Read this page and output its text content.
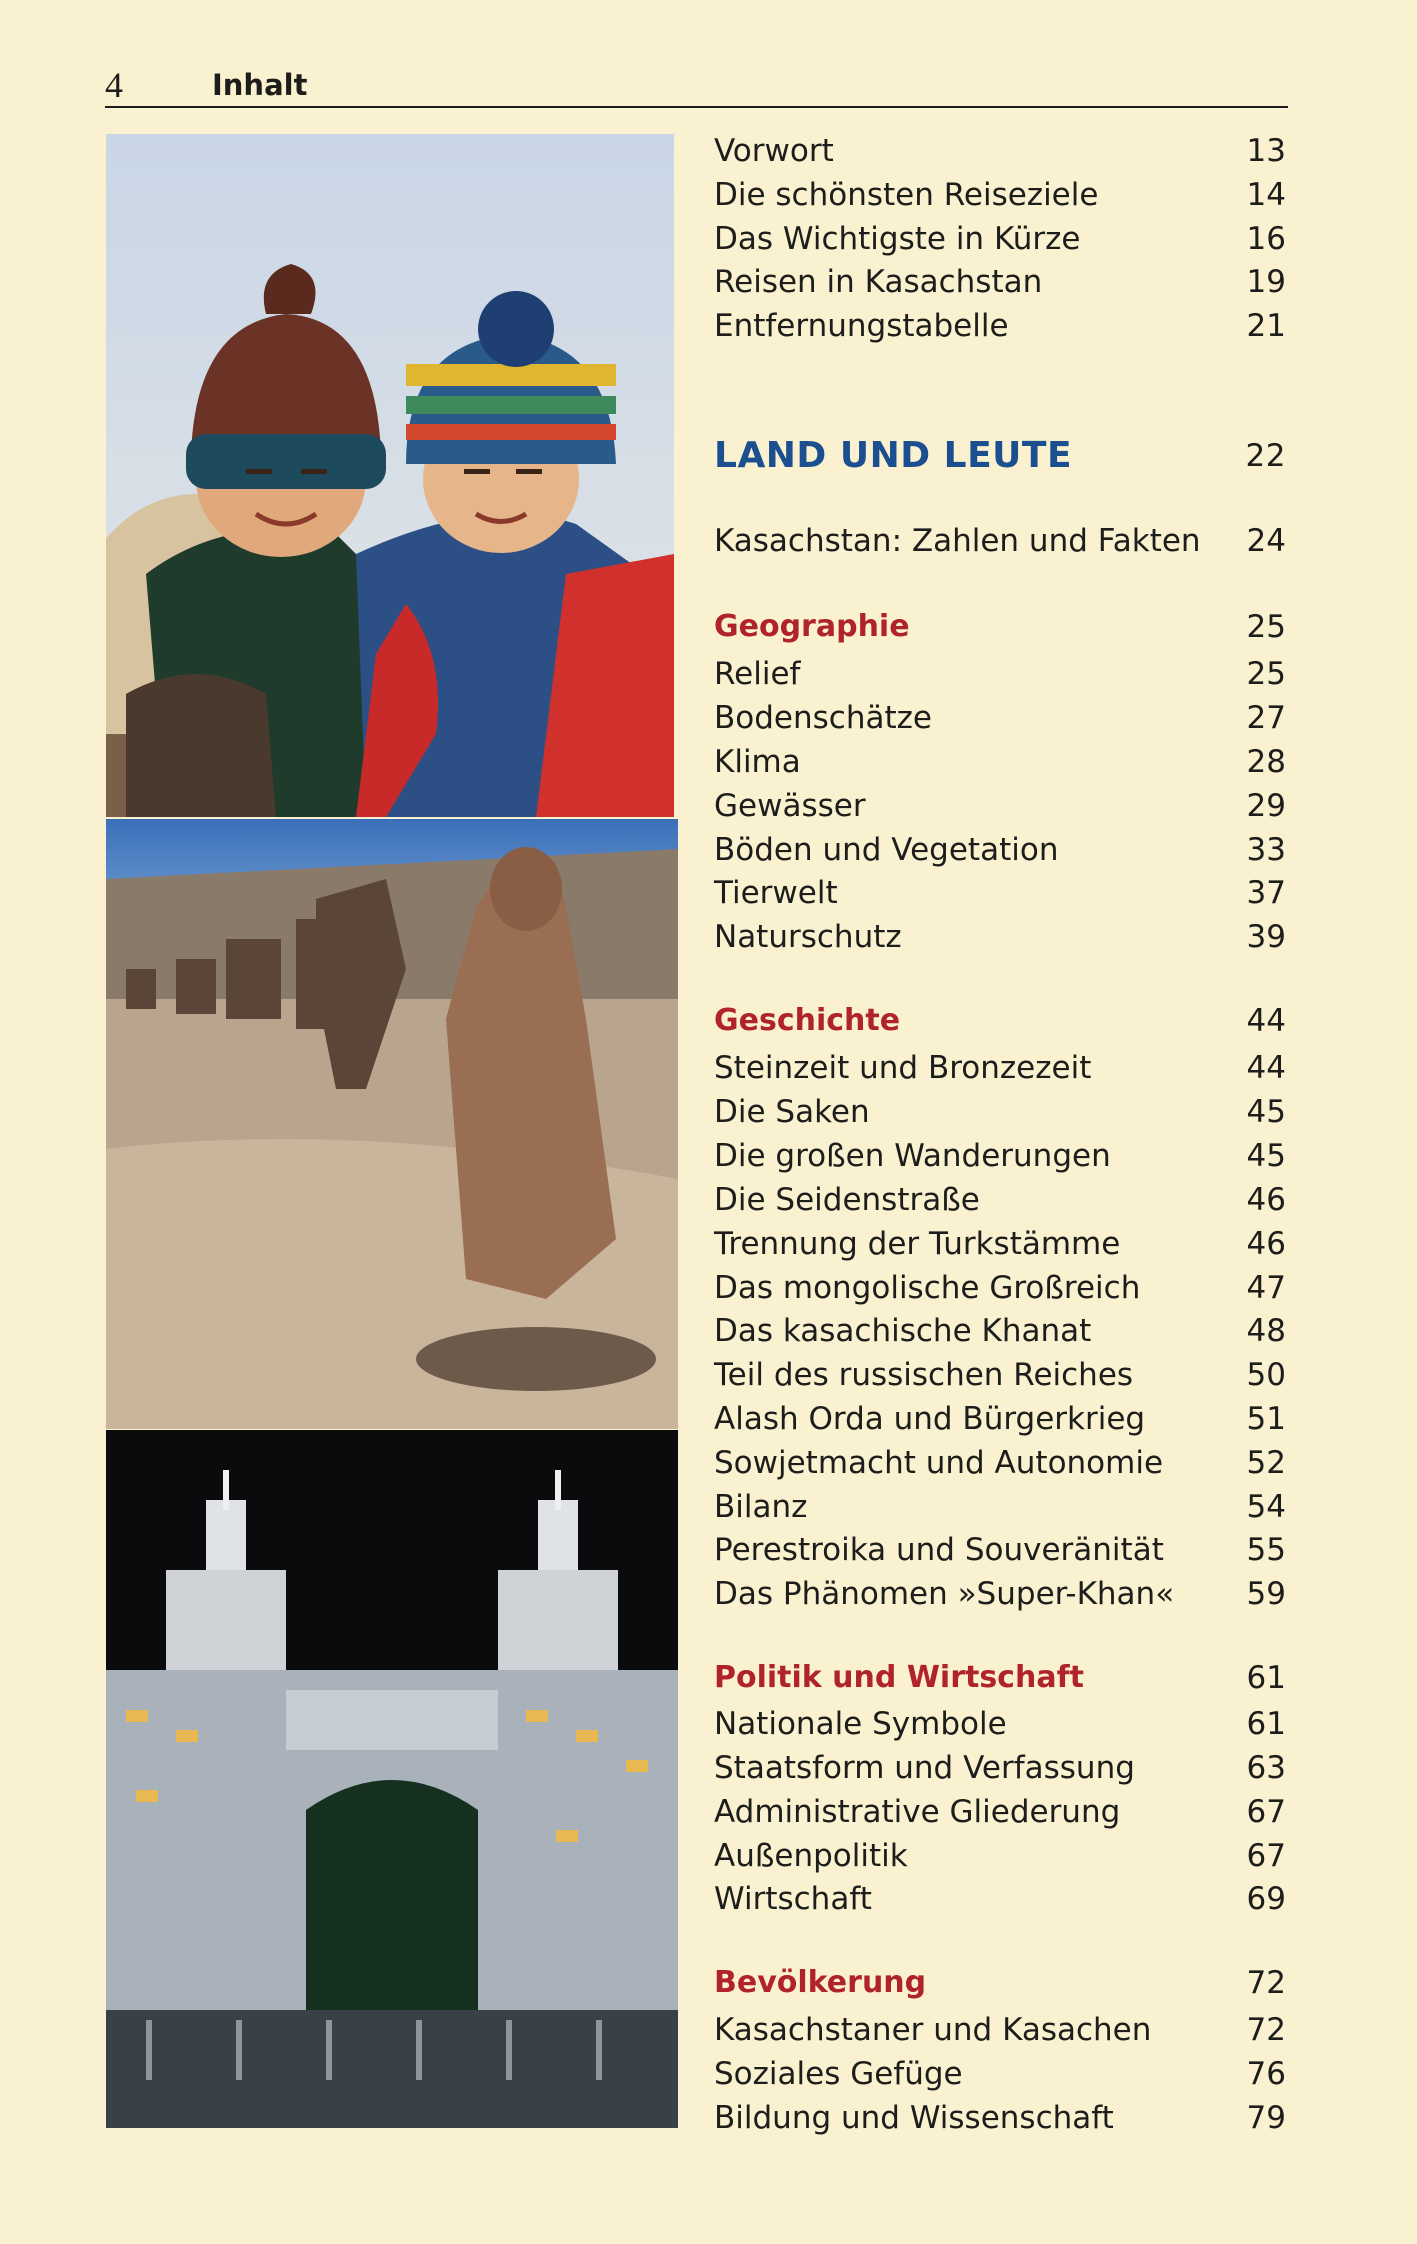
4	Inhalt
Vorwort	13
Die schönsten Reiseziele	14
Das Wichtigste in Kürze	16
Reisen in Kasachstan	19
Entfernungstabelle	21
LAND UND LEUTE	22
Kasachstan: Zahlen und Fakten 24
Geographie	25
Relief	25
Bodenschätze	27
Klima	28
Gewässer	29
Böden und Vegetation	33
Tierwelt	37
Naturschutz	39
Geschichte	44
Steinzeit und Bronzezeit	44
Die Saken	45
Die großen Wanderungen	45
Die Seidenstraße	46
Trennung der Turkstämme	46
Das mongolische Großreich	47
Das kasachische Khanat	48
Teil des russischen Reiches	50
Alash Orda und Bürgerkrieg	51
Sowjetmacht und Autonomie	52
Bilanz	54
Perestroika und Souveränität	55
Das Phänomen »Super-Khan« 59
Politik und Wirtschaft	61
Nationale Symbole	61
Staatsform und Verfassung	63
Administrative Gliederung	67
Außenpolitik	67
Wirtschaft	69
Bevölkerung	72
Kasachstaner und Kasachen	72
Soziales Gefüge	76
Bildung und Wissenschaft	79
